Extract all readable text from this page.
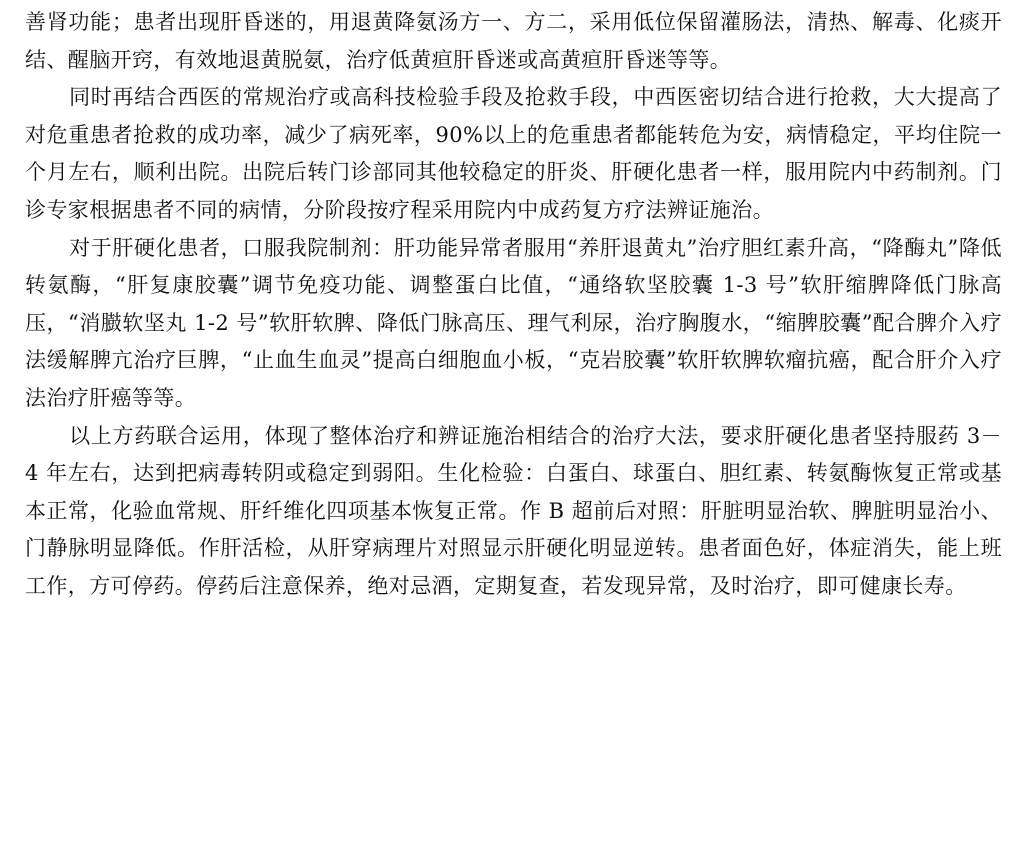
善肾功能；患者出现肝昏迷的，用退黄降氨汤方一、方二，采用低位保留灌肠法，清热、解毒、化痰开结、醒脑开窍，有效地退黄脱氨，治疗低黄疸肝昏迷或高黄疸肝昏迷等等。

同时再结合西医的常规治疗或高科技检验手段及抢救手段，中西医密切结合进行抢救，大大提高了对危重患者抢救的成功率，减少了病死率，90%以上的危重患者都能转危为安，病情稳定，平均住院一个月左右，顺利出院。出院后转门诊部同其他较稳定的肝炎、肝硬化患者一样，服用院内中药制剂。门诊专家根据患者不同的病情，分阶段按疗程采用院内中成药复方疗法辨证施治。

对于肝硬化患者，口服我院制剂：肝功能异常者服用“养肝退黄丸”治疗胆红素升高，“降酶丸”降低转氨酶，“肝复康胶囊”调节免疫功能、调整蛋白比值，“通络软坚胶囊 1-3 号”软肝缩脾降低门脉高压，“消臌软坚丸 1-2 号”软肝软脾、降低门脉高压、理气利尿，治疗胸腹水，“缩脾胶囊”配合脾介入疗法缓解脾亢治疗巨脾，“止血生血灵”提高白细胞血小板，“克岩胶囊”软肝软脾软瘤抗癌，配合肝介入疗法治疗肝癌等等。

以上方药联合运用，体现了整体治疗和辨证施治相结合的治疗大法，要求肝硬化患者坚持服药 3－4 年左右，达到把病毒转阴或稳定到弱阳。生化检验：白蛋白、球蛋白、胆红素、转氨酶恢复正常或基本正常，化验血常规、肝纤维化四项基本恢复正常。作 B 超前后对照：肝脏明显治软、脾脏明显治小、门静脉明显降低。作肝活检，从肝穿病理片对照显示肝硬化明显逆转。患者面色好，体症消失，能上班工作，方可停药。停药后注意保养，绝对忌酒，定期复查，若发现异常，及时治疗，即可健康长寿。
